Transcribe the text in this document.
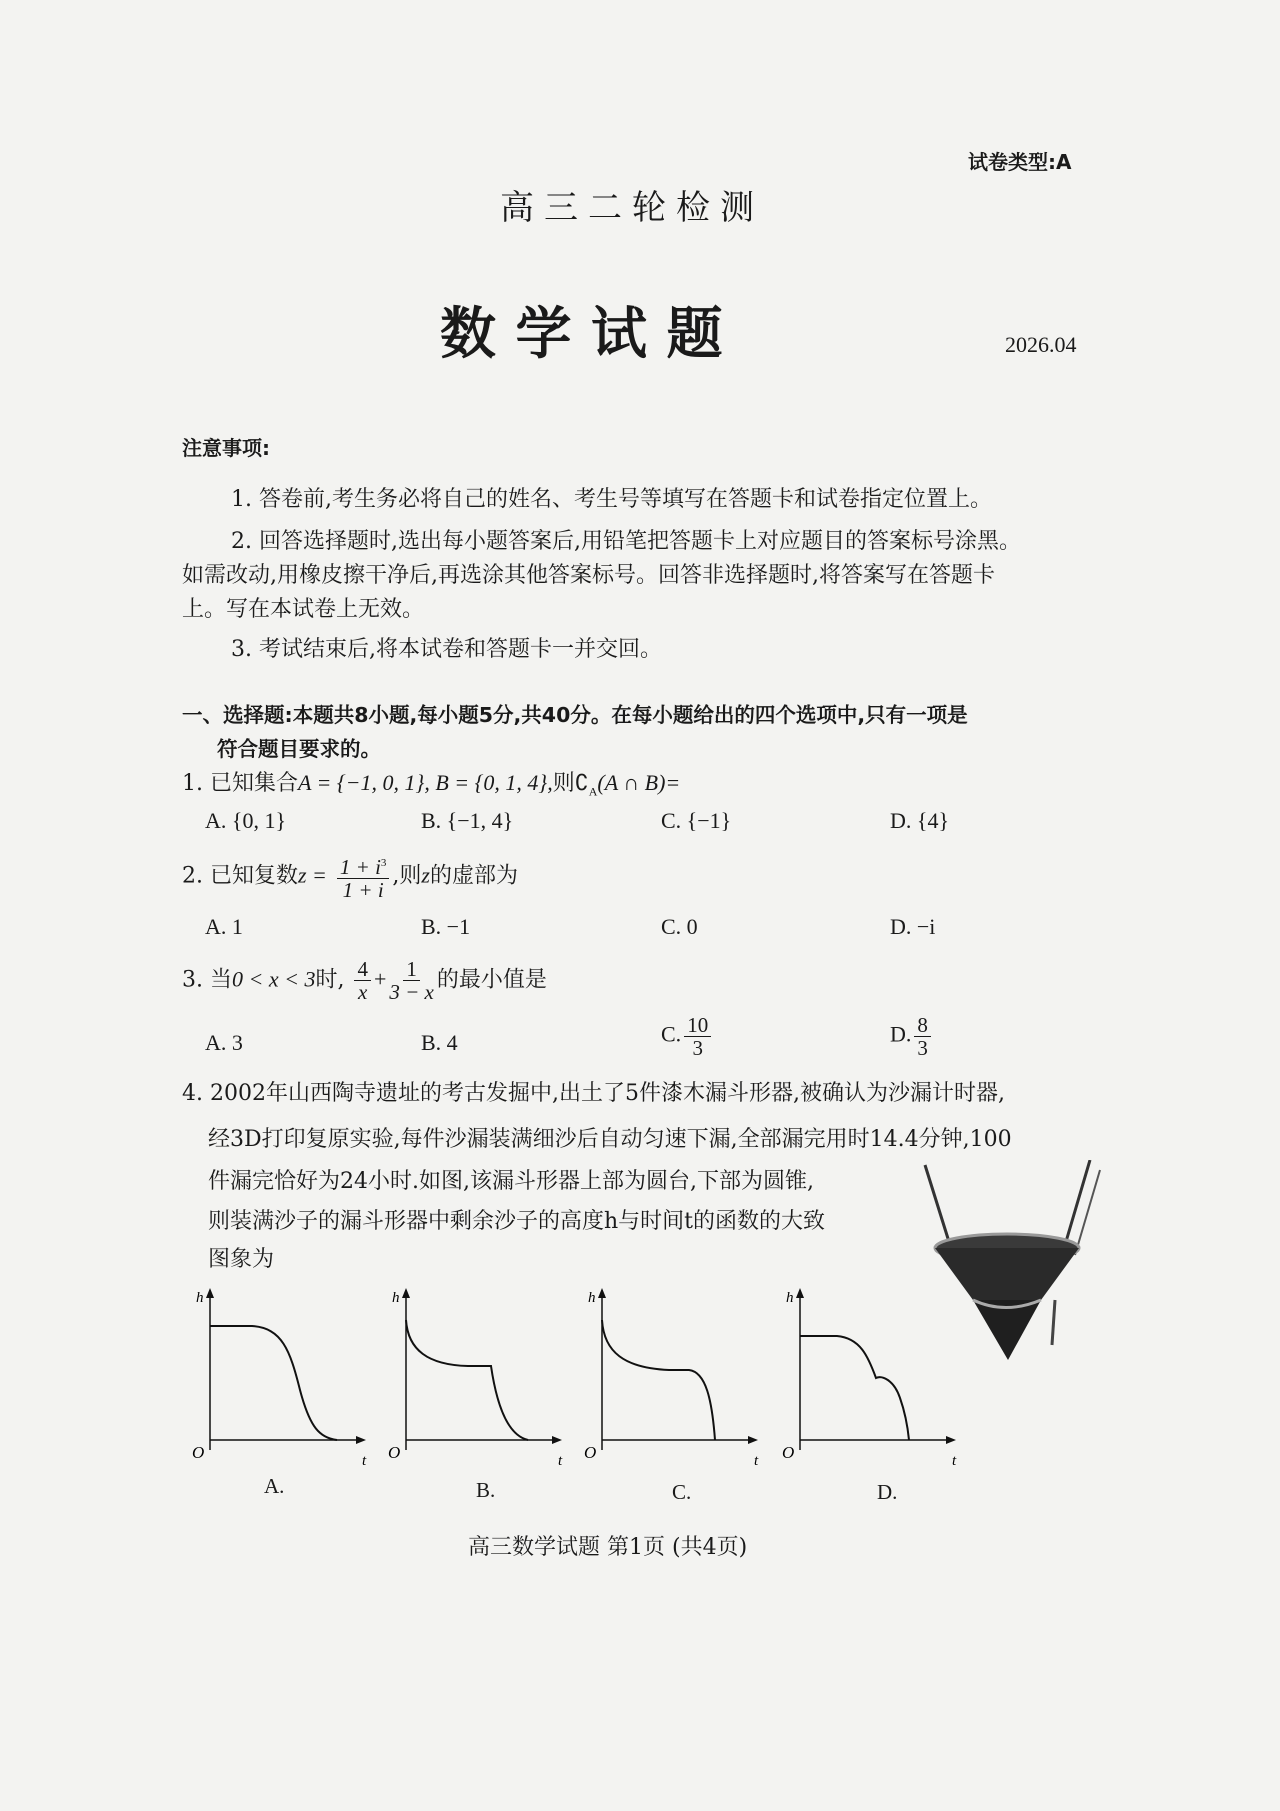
试卷类型:A
高三二轮检测
数 学 试 题	2026.04
注意事项:
1. 答卷前,考生务必将自己的姓名、考生号等填写在答题卡和试卷指定位置上。
2. 回答选择题时,选出每小题答案后,用铅笔把答题卡上对应题目的答案标号涂黑。
如需改动,用橡皮擦干净后,再选涂其他答案标号。回答非选择题时,将答案写在答题卡
上。写在本试卷上无效。
3. 考试结束后,将本试卷和答题卡一并交回。
一、选择题:本题共8小题,每小题5分,共40分。在每小题给出的四个选项中,只有一项是
符合题目要求的。
1. 已知集合A = {−1, 0, 1}, B = {0, 1, 4},则$∁_A(A$ ∩ B)=
A. {0, 1}	B. {−1, 4}	C. {−1}	D. {4}
2. 已知复数$z = \frac{1 + i^3}{1 + i}$ ,则z的虚部为
A. 1	B. −1	C. 0	D. −i
3. 当0 < x < 3时, $\frac{4}{x} + \frac{1}{3 - x}$ 的最小值是
A. 3	B. 4	C. $\frac{10}{3}$	D. $\frac{8}{3}$
4. 2002年山西陶寺遗址的考古发掘中,出土了5件漆木漏斗形器,被确认为沙漏计时器,
经3D打印复原实验,每件沙漏装满细沙后自动匀速下漏,全部漏完用时14.4分钟,100
件漏完恰好为24小时.如图,该漏斗形器上部为圆台,下部为圆锥,
则装满沙子的漏斗形器中剩余沙子的高度h与时间t的函数的大致
图象为
h
O	t
h
O	t
h
O	t
h
O	t
A.	B.	C.	D.
高三数学试题 第1页 (共4页)
